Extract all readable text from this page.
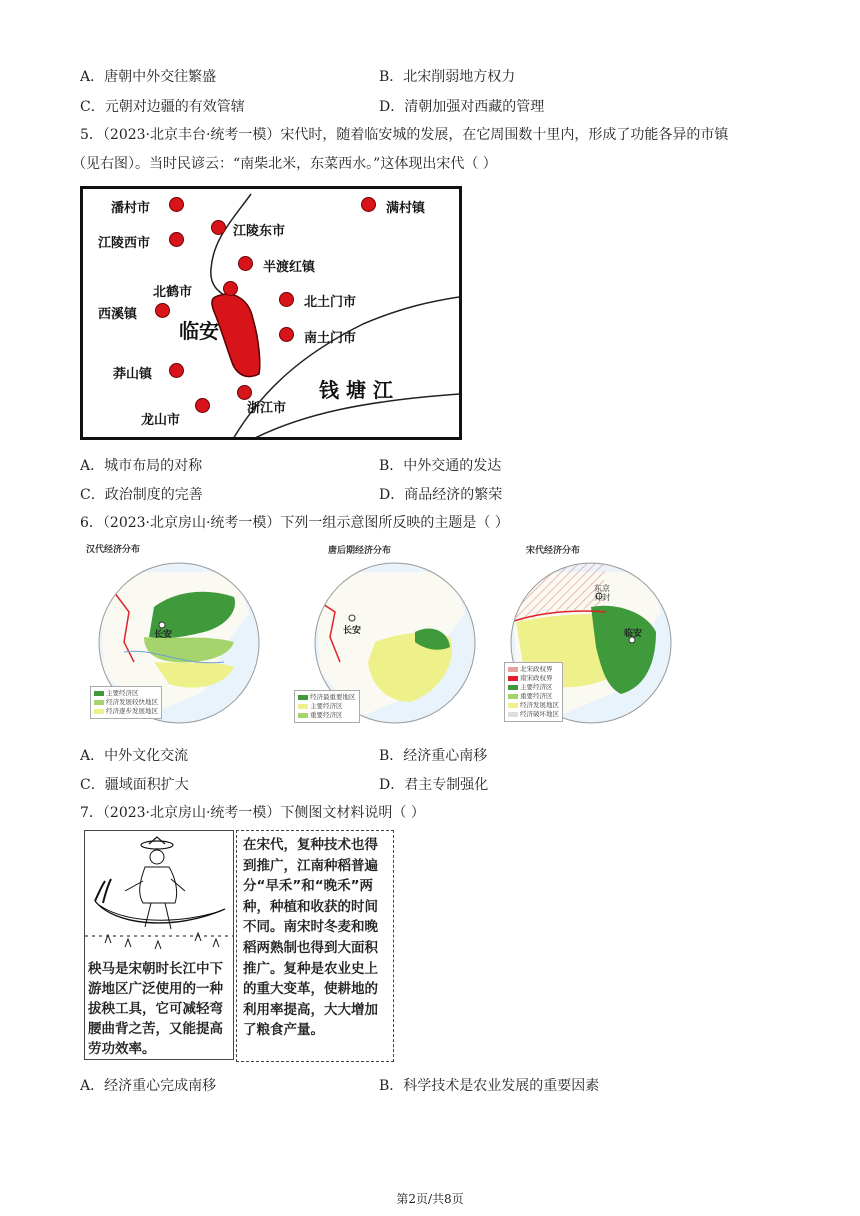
A．唐朝中外交往繁盛	B．北宋削弱地方权力
C．元朝对边疆的有效管辖	D．清朝加强对西藏的管理
5．（2023·北京丰台·统考一模）宋代时，随着临安城的发展，在它周围数十里内，形成了功能各异的市镇
（见右图）。当时民谚云：“南柴北米，东菜西水。”这体现出宋代（ ）
潘村市
江陵东市
江陵西市
满村镇
半渡红镇
北鹤市
北土门市
西溪镇
临安	南土门市
莽山镇
钱 塘 江
浙江市
龙山市
A．城市布局的对称	B．中外交通的发达
C．政治制度的完善	D．商品经济的繁荣
6．（2023·北京房山·统考一模）下列一组示意图所反映的主题是（ ）
汉代经济分布
长安
主要经济区
经济发展较快地区
经济逐步发展地区
唐后期经济分布
长安
经济最重要地区
主要经济区
重要经济区
宋代经济分布
东京
开封
临安
北宋政权界
南宋政权界
主要经济区
重要经济区
经济发展地区
经济破坏地区
A．中外文化交流	B．经济重心南移
C．疆域面积扩大	D．君主专制强化
7．（2023·北京房山·统考一模）下侧图文材料说明（ ）
秧马是宋朝时长江中下游地区广泛使用的一种拔秧工具，它可减轻弯腰曲背之苦，又能提高劳功效率。
在宋代，复种技术也得到推广，江南种稻普遍分“早禾”和“晚禾”两种，种植和收获的时间不同。南宋时冬麦和晚稻两熟制也得到大面积推广。复种是农业史上的重大变革，使耕地的利用率提高，大大增加了粮食产量。
A．经济重心完成南移	B．科学技术是农业发展的重要因素
第2页/共8页
